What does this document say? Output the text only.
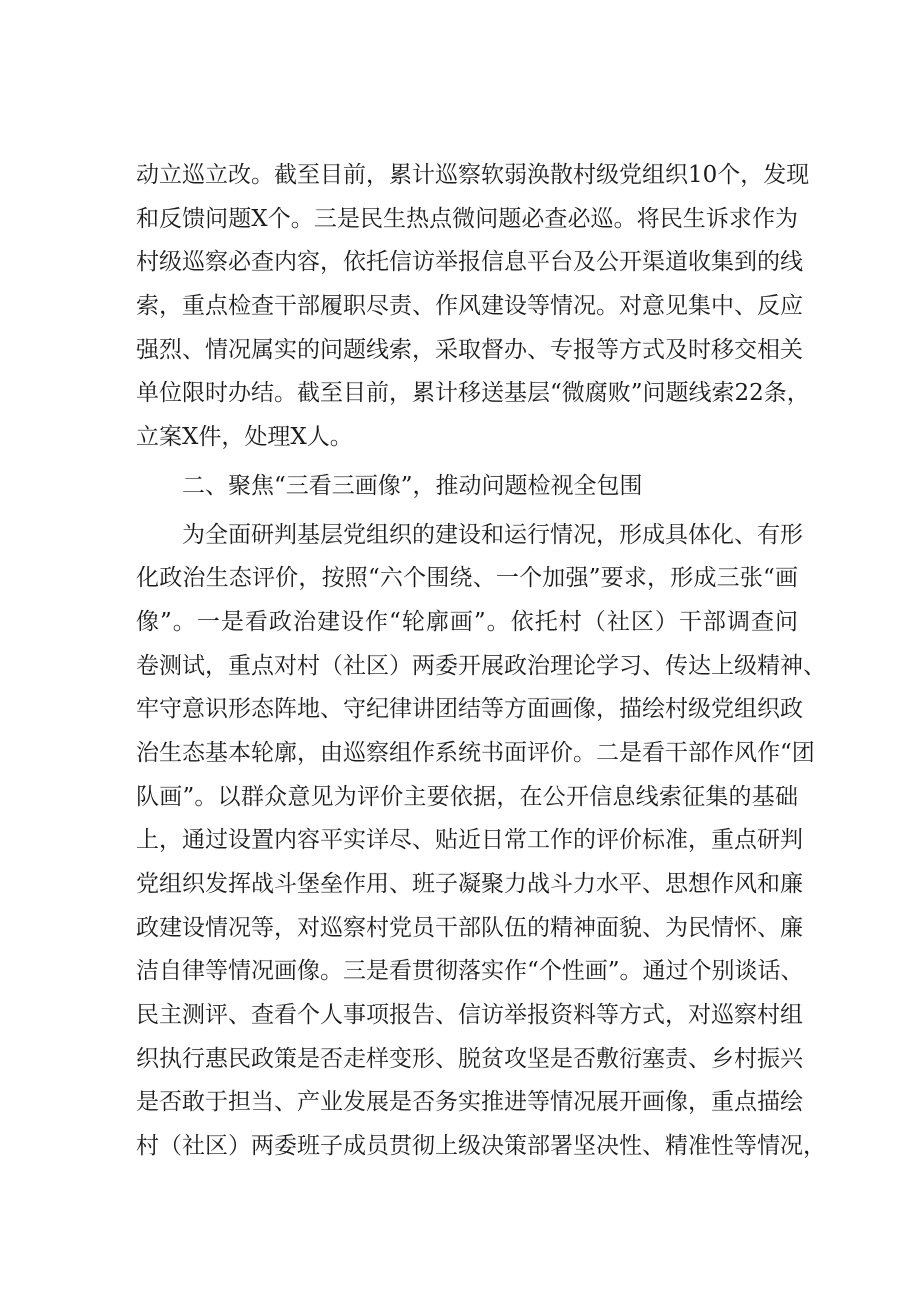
动立巡立改。截至目前，累计巡察软弱涣散村级党组织10个，发现
和反馈问题X个。三是民生热点微问题必查必巡。将民生诉求作为
村级巡察必查内容，依托信访举报信息平台及公开渠道收集到的线
索，重点检查干部履职尽责、作风建设等情况。对意见集中、反应
强烈、情况属实的问题线索，采取督办、专报等方式及时移交相关
单位限时办结。截至目前，累计移送基层“微腐败”问题线索22条，
立案X件，处理X人。
　　二、聚焦“三看三画像”，推动问题检视全包围
　　为全面研判基层党组织的建设和运行情况，形成具体化、有形
化政治生态评价，按照“六个围绕、一个加强”要求，形成三张“画
像”。一是看政治建设作“轮廓画”。依托村（社区）干部调查问
卷测试，重点对村（社区）两委开展政治理论学习、传达上级精神、
牢守意识形态阵地、守纪律讲团结等方面画像，描绘村级党组织政
治生态基本轮廓，由巡察组作系统书面评价。二是看干部作风作“团
队画”。以群众意见为评价主要依据，在公开信息线索征集的基础
上，通过设置内容平实详尽、贴近日常工作的评价标准，重点研判
党组织发挥战斗堡垒作用、班子凝聚力战斗力水平、思想作风和廉
政建设情况等，对巡察村党员干部队伍的精神面貌、为民情怀、廉
洁自律等情况画像。三是看贯彻落实作“个性画”。通过个别谈话、
民主测评、查看个人事项报告、信访举报资料等方式，对巡察村组
织执行惠民政策是否走样变形、脱贫攻坚是否敷衍塞责、乡村振兴
是否敢于担当、产业发展是否务实推进等情况展开画像，重点描绘
村（社区）两委班子成员贯彻上级决策部署坚决性、精准性等情况，
